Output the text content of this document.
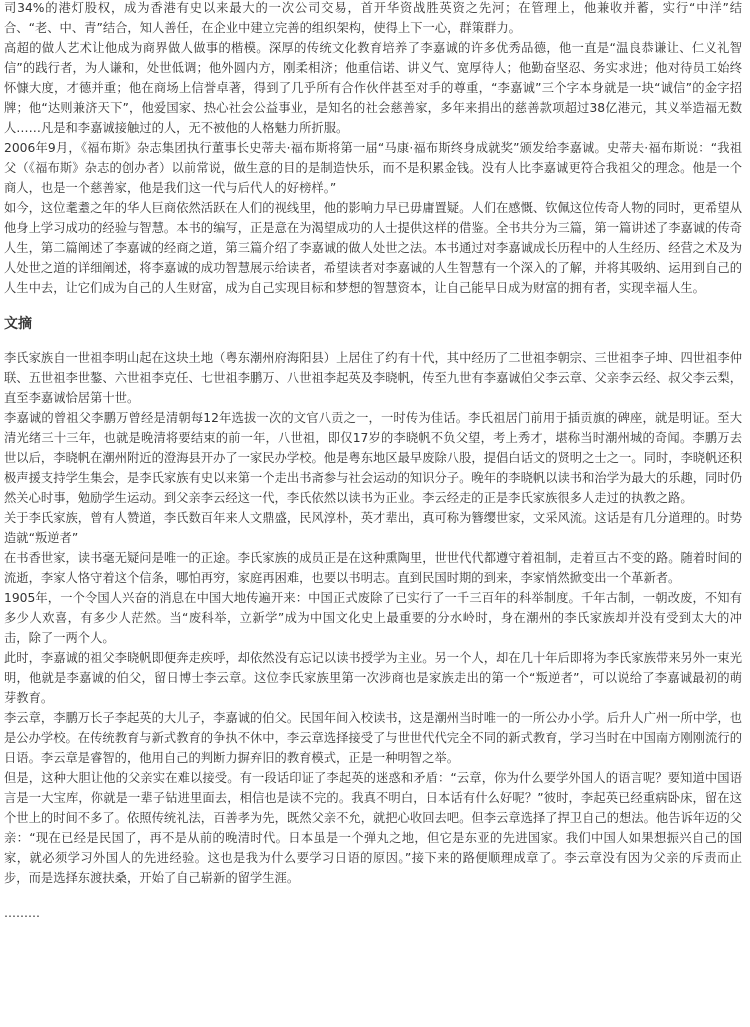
司34%的港灯股权，成为香港有史以来最大的一次公司交易，首开华资战胜英资之先河；在管理上，他兼收并蓄，实行“中洋”结合、“老、中、青”结合，知人善任，在企业中建立完善的组织架构，使得上下一心，群策群力。

高超的做人艺术让他成为商界做人做事的楷模。深厚的传统文化教育培养了李嘉诚的许多优秀品德，他一直是“温良恭谦让、仁义礼智信”的践行者，为人谦和，处世低调；他外圆内方，刚柔相济；他重信诺、讲义气、宽厚待人；他勤奋坚忍、务实求进；他对待员工始终怀慷大度，才德并重；他在商场上信誉卓著，得到了几乎所有合作伙伴甚至对手的尊重，“李嘉诚”三个字本身就是一块“诚信”的金字招牌；他“达则兼济天下”，他爱国家、热心社会公益事业，是知名的社会慈善家，多年来捐出的慈善款项超过38亿港元，其义举造福无数人……凡是和李嘉诚接触过的人，无不被他的人格魅力所折服。

2006年9月，《福布斯》杂志集团执行董事长史蒂夫·福布斯将第一届“马康·福布斯终身成就奖”颁发给李嘉诚。史蒂夫·福布斯说：“我祖父（《福布斯》杂志的创办者）以前常说，做生意的目的是制造快乐，而不是积累金钱。没有人比李嘉诚更符合我祖父的理念。他是一个商人，也是一个慈善家，他是我们这一代与后代人的好榜样。”

如今，这位耄耋之年的华人巨商依然活跃在人们的视线里，他的影响力早已毋庸置疑。人们在感慨、钦佩这位传奇人物的同时，更希望从他身上学习成功的经验与智慧。本书的编写，正是意在为渴望成功的人士提供这样的借鉴。全书共分为三篇，第一篇讲述了李嘉诚的传奇人生，第二篇阐述了李嘉诚的经商之道，第三篇介绍了李嘉诚的做人处世之法。本书通过对李嘉诚成长历程中的人生经历、经营之术及为人处世之道的详细阐述，将李嘉诚的成功智慧展示给读者，希望读者对李嘉诚的人生智慧有一个深入的了解，并将其吸纳、运用到自己的人生中去，让它们成为自己的人生财富，成为自己实现目标和梦想的智慧资本，让自己能早日成为财富的拥有者，实现幸福人生。

文摘

李氏家族自一世祖李明山起在这块土地（粤东潮州府海阳县）上居住了约有十代，其中经历了二世祖李朝宗、三世祖李子坤、四世祖李仲联、五世祖李世鏊、六世祖李克任、七世祖李鹏万、八世祖李起英及李晓帆，传至九世有李嘉诚伯父李云章、父亲李云经、叔父李云梨，直至李嘉诚恰居第十世。

李嘉诚的曾祖父李鹏万曾经是清朝每12年选拔一次的文官八贡之一，一时传为佳话。李氏祖居门前用于插贡旗的碑座，就是明证。至大清光绪三十三年，也就是晚清将要结束的前一年，八世祖，即仅17岁的李晓帆不负父望，考上秀才，堪称当时潮州城的奇闻。李鹏万去世以后，李晓帆在潮州附近的澄海县开办了一家民办学校。他是粤东地区最早废除八股，提倡白话文的贤明之士之一。同时，李晓帆还积极声援支持学生集会，是李氏家族有史以来第一个走出书斋参与社会运动的知识分子。晚年的李晓帆以读书和治学为最大的乐趣，同时仍然关心时事，勉励学生运动。到父亲李云经这一代，李氏依然以读书为正业。李云经走的正是李氏家族很多人走过的执教之路。

关于李氏家族，曾有人赞道，李氏数百年来人文鼎盛，民风淳朴，英才辈出，真可称为簪缨世家，文采风流。这话是有几分道理的。时势造就“叛逆者”

在书香世家，读书毫无疑问是唯一的正途。李氏家族的成员正是在这种熏陶里，世世代代都遵守着祖制，走着亘古不变的路。随着时间的流逝，李家人恪守着这个信条，哪怕再穷，家庭再困难，也要以书明志。直到民国时期的到来，李家悄然掀变出一个革新者。

1905年，一个令国人兴奋的消息在中国大地传遍开来：中国正式废除了已实行了一千三百年的科举制度。千年古制，一朝改废，不知有多少人欢喜，有多少人茫然。当“废科举，立新学”成为中国文化史上最重要的分水岭时，身在潮州的李氏家族却并没有受到太大的冲击，除了一两个人。

此时，李嘉诚的祖父李晓帆即便奔走疾呼，却依然没有忘记以读书授学为主业。另一个人，却在几十年后即将为李氏家族带来另外一束光明，他就是李嘉诚的伯父，留日博士李云章。这位李氏家族里第一次涉商也是家族走出的第一个“叛逆者”，可以说给了李嘉诚最初的萌芽教育。

李云章，李鹏万长子李起英的大儿子，李嘉诚的伯父。民国年间入校读书，这是潮州当时唯一的一所公办小学。后升人广州一所中学，也是公办学校。在传统教育与新式教育的争执不休中，李云章选择接受了与世世代代完全不同的新式教育，学习当时在中国南方刚刚流行的日语。李云章是睿智的，他用自己的判断力摒弃旧的教育模式，正是一种明智之举。

但是，这种大胆让他的父亲实在难以接受。有一段话印证了李起英的迷惑和矛盾：“云章，你为什么要学外国人的语言呢？要知道中国语言是一大宝库，你就是一辈子钻进里面去，相信也是读不完的。我真不明白，日本话有什么好呢？”彼时，李起英已经重病卧床，留在这个世上的时间不多了。依照传统礼法，百善孝为先，既然父亲不允，就把心收回去吧。但李云章选择了捍卫自己的想法。他告诉年迈的父亲：“现在已经是民国了，再不是从前的晚清时代。日本虽是一个弹丸之地，但它是东亚的先进国家。我们中国人如果想振兴自己的国家，就必须学习外国人的先进经验。这也是我为什么要学习日语的原因。”接下来的路便顺理成章了。李云章没有因为父亲的斥责而止步，而是选择东渡扶桑，开始了自己崭新的留学生涯。

………
